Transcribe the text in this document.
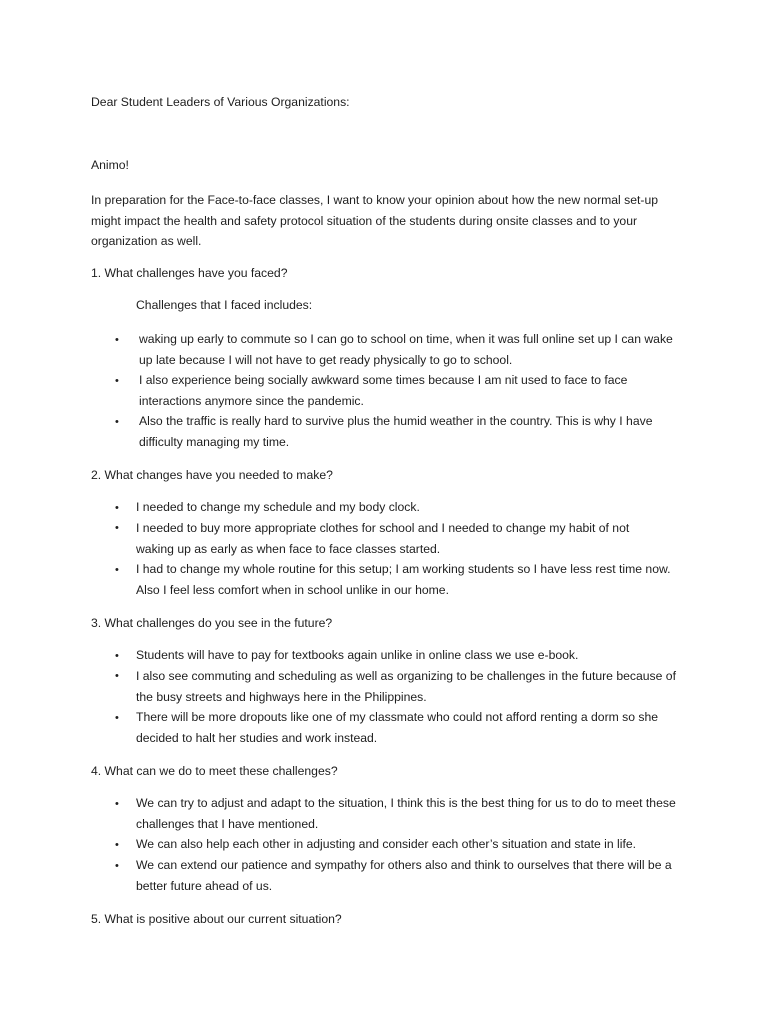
Dear Student Leaders of Various Organizations:
Animo!
In preparation for the Face-to-face classes, I want to know your opinion about how the new normal set-up might impact the health and safety protocol situation of the students during onsite classes and to your organization as well.
1. What challenges have you faced?
Challenges that I faced includes:
• waking up early to commute so I can go to school on time, when it was full online set up I can wake up late because I will not have to get ready physically to go to school.
• I also experience being socially awkward some times because I am nit used to face to face interactions anymore since the pandemic.
• Also the traffic is really hard to survive plus the humid weather in the country. This is why I have difficulty managing my time.
2. What changes have you needed to make?
• I needed to change my schedule and my body clock.
• I needed to buy more appropriate clothes for school and I needed to change my habit of not waking up as early as when face to face classes started.
• I had to change my whole routine for this setup; I am working students so I have less rest time now. Also I feel less comfort when in school unlike in our home.
3. What challenges do you see in the future?
• Students will have to pay for textbooks again unlike in online class we use e-book.
• I also see commuting and scheduling as well as organizing to be challenges in the future because of the busy streets and highways here in the Philippines.
• There will be more dropouts like one of my classmate who could not afford renting a dorm so she decided to halt her studies and work instead.
4. What can we do to meet these challenges?
• We can try to adjust and adapt to the situation, I think this is the best thing for us to do to meet these challenges that I have mentioned.
• We can also help each other in adjusting and consider each other’s situation and state in life.
• We can extend our patience and sympathy for others also and think to ourselves that there will be a better future ahead of us.
5. What is positive about our current situation?
